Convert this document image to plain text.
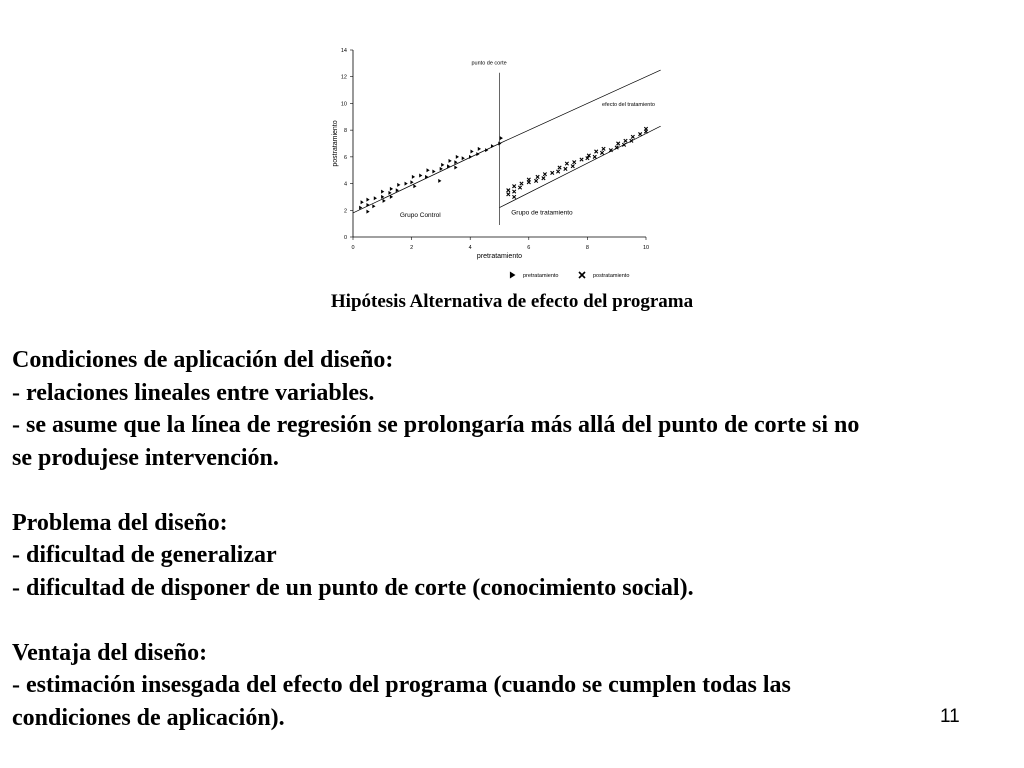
0
2
4
6
8
10
12
14
0	2	4	6	8	10
postratamiento
pretratamiento
punto de corte
efecto del tratamiento
Grupo Control	Grupo de tratamiento
pretratamiento	postratamiento

Hipótesis Alternativa de efecto del programa

Condiciones de aplicación del diseño:
- relaciones lineales entre variables.
- se asume que la línea de regresión se prolongaría más allá del punto de corte si no
se produjese intervención.
Problema del diseño:
- dificultad de generalizar
- dificultad de disponer de un punto de corte (conocimiento social).
Ventaja del diseño:
- estimación insesgada del efecto del programa (cuando se cumplen todas las
condiciones de aplicación).	11
